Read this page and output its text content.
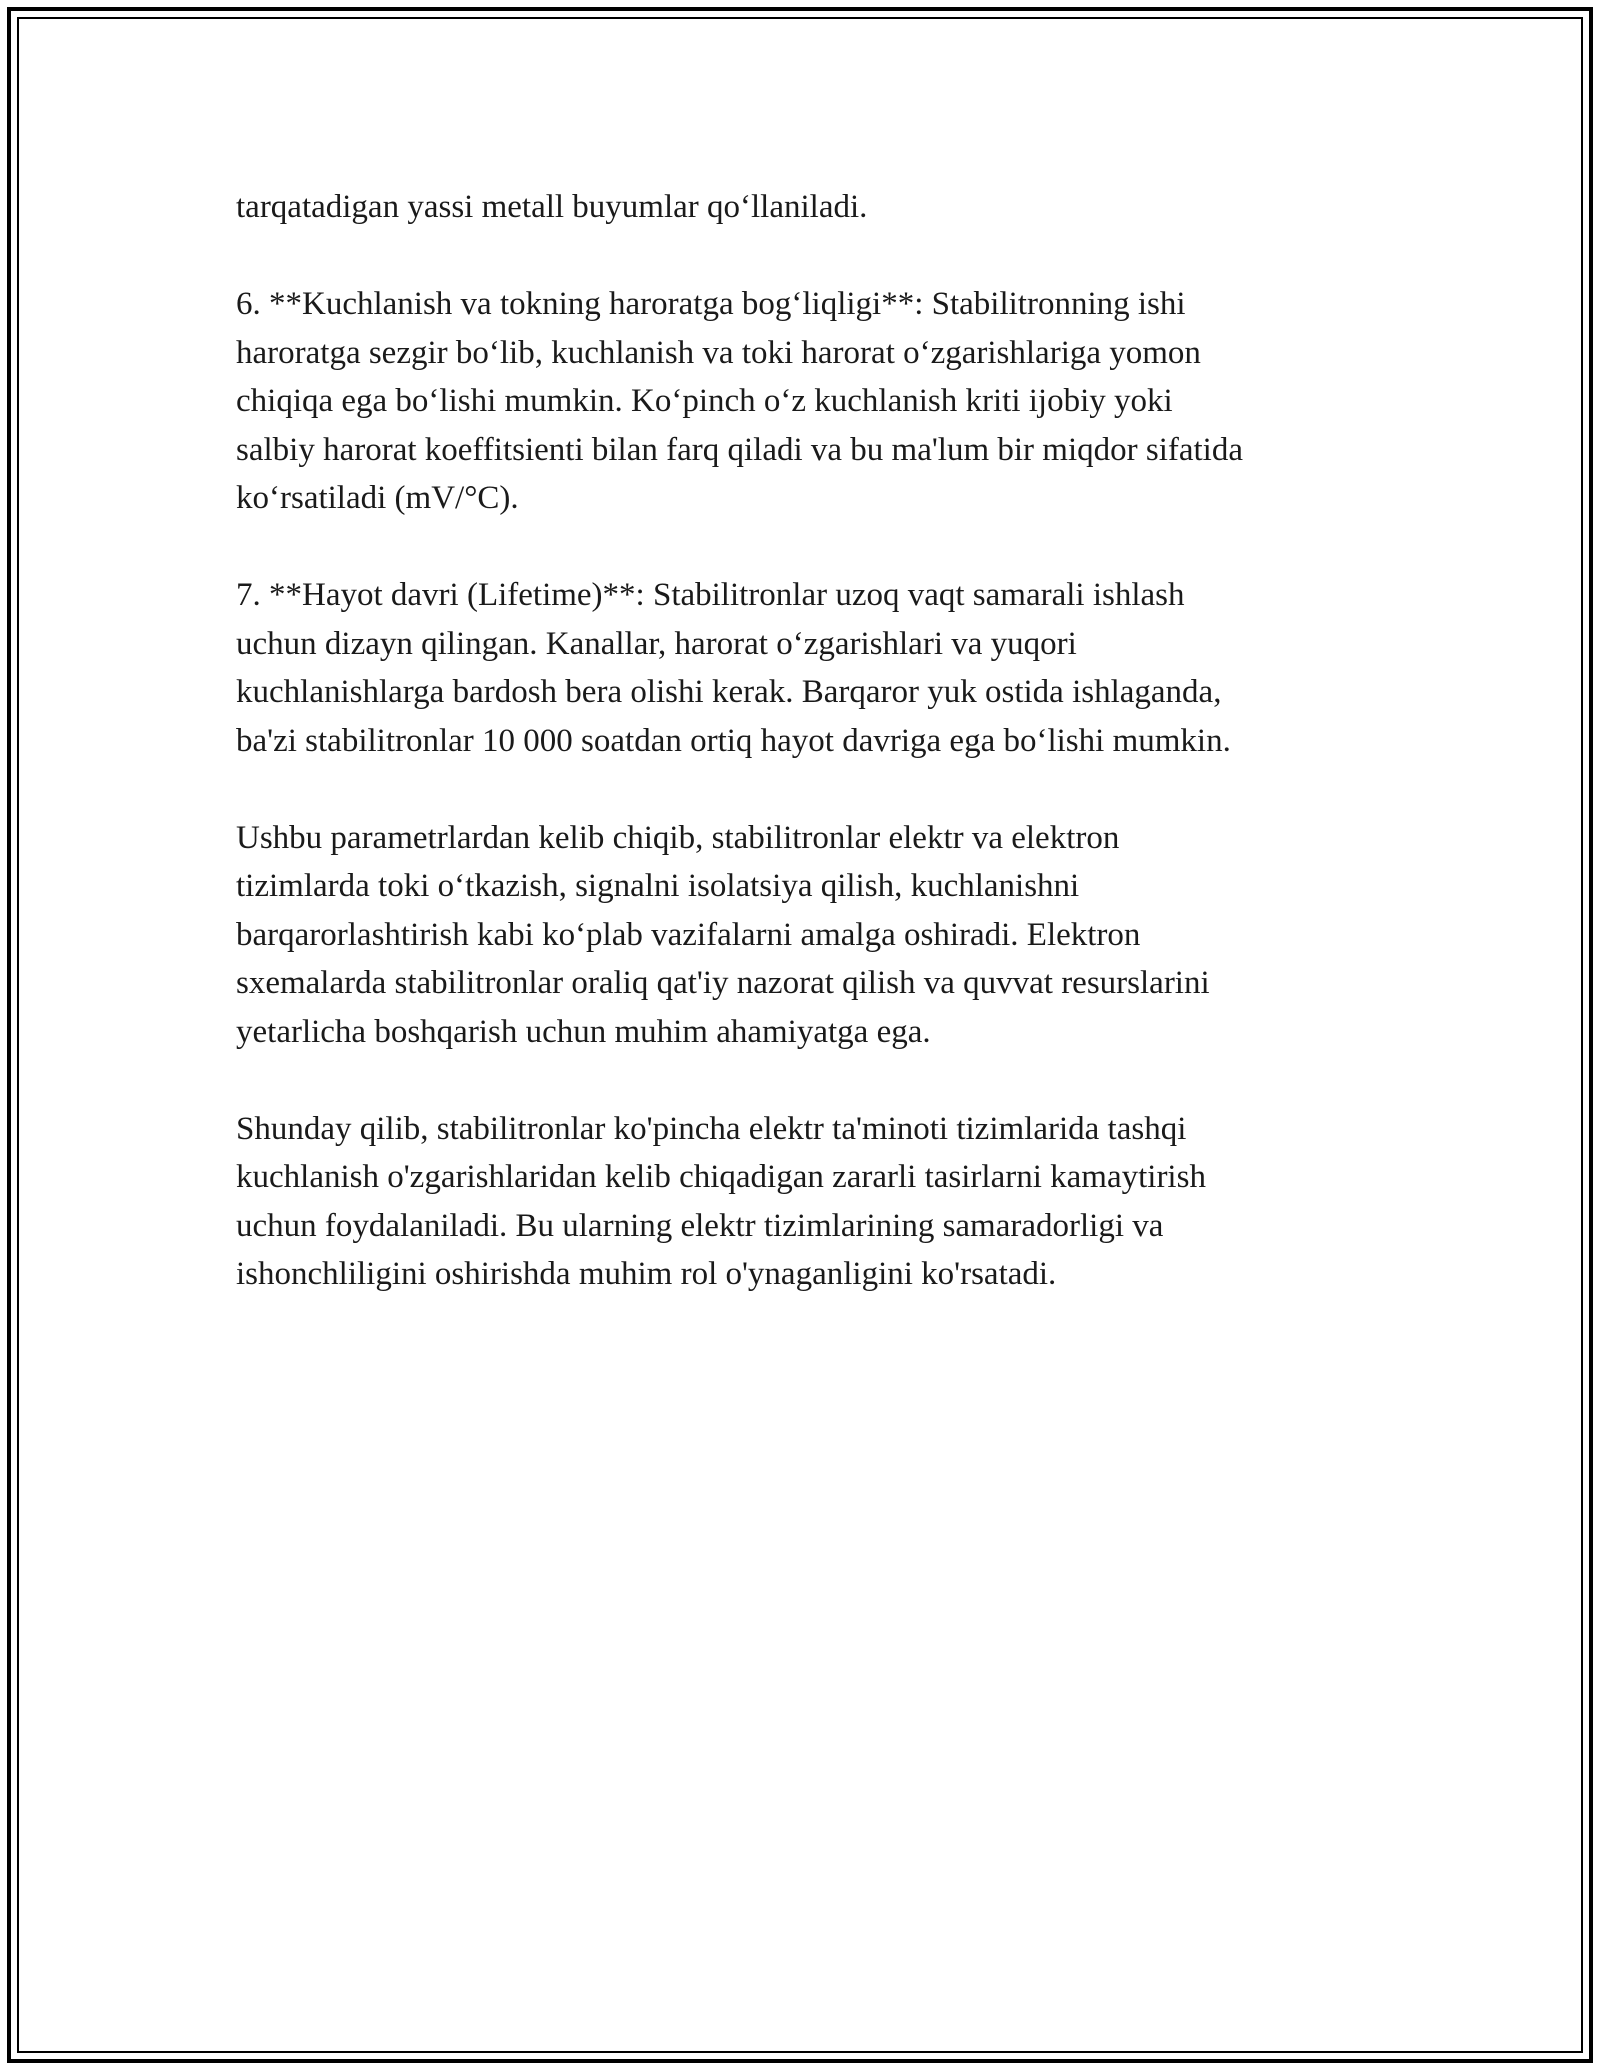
tarqatadigan yassi metall buyumlar qo‘llaniladi.

6. **Kuchlanish va tokning haroratga bog‘liqligi**: Stabilitronning ishi
haroratga sezgir bo‘lib, kuchlanish va toki harorat o‘zgarishlariga yomon
chiqiqa ega bo‘lishi mumkin. Ko‘pinch o‘z kuchlanish kriti ijobiy yoki
salbiy harorat koeffitsienti bilan farq qiladi va bu ma'lum bir miqdor sifatida
ko‘rsatiladi (mV/°C).

7. **Hayot davri (Lifetime)**: Stabilitronlar uzoq vaqt samarali ishlash
uchun dizayn qilingan. Kanallar, harorat o‘zgarishlari va yuqori
kuchlanishlarga bardosh bera olishi kerak. Barqaror yuk ostida ishlaganda,
ba'zi stabilitronlar 10 000 soatdan ortiq hayot davriga ega bo‘lishi mumkin.

Ushbu parametrlardan kelib chiqib, stabilitronlar elektr va elektron
tizimlarda toki o‘tkazish, signalni isolatsiya qilish, kuchlanishni
barqarorlashtirish kabi ko‘plab vazifalarni amalga oshiradi. Elektron
sxemalarda stabilitronlar oraliq qat'iy nazorat qilish va quvvat resurslarini
yetarlicha boshqarish uchun muhim ahamiyatga ega.

Shunday qilib, stabilitronlar ko'pincha elektr ta'minoti tizimlarida tashqi
kuchlanish o'zgarishlaridan kelib chiqadigan zararli tasirlarni kamaytirish
uchun foydalaniladi. Bu ularning elektr tizimlarining samaradorligi va
ishonchliligini oshirishda muhim rol o'ynaganligini ko'rsatadi.
